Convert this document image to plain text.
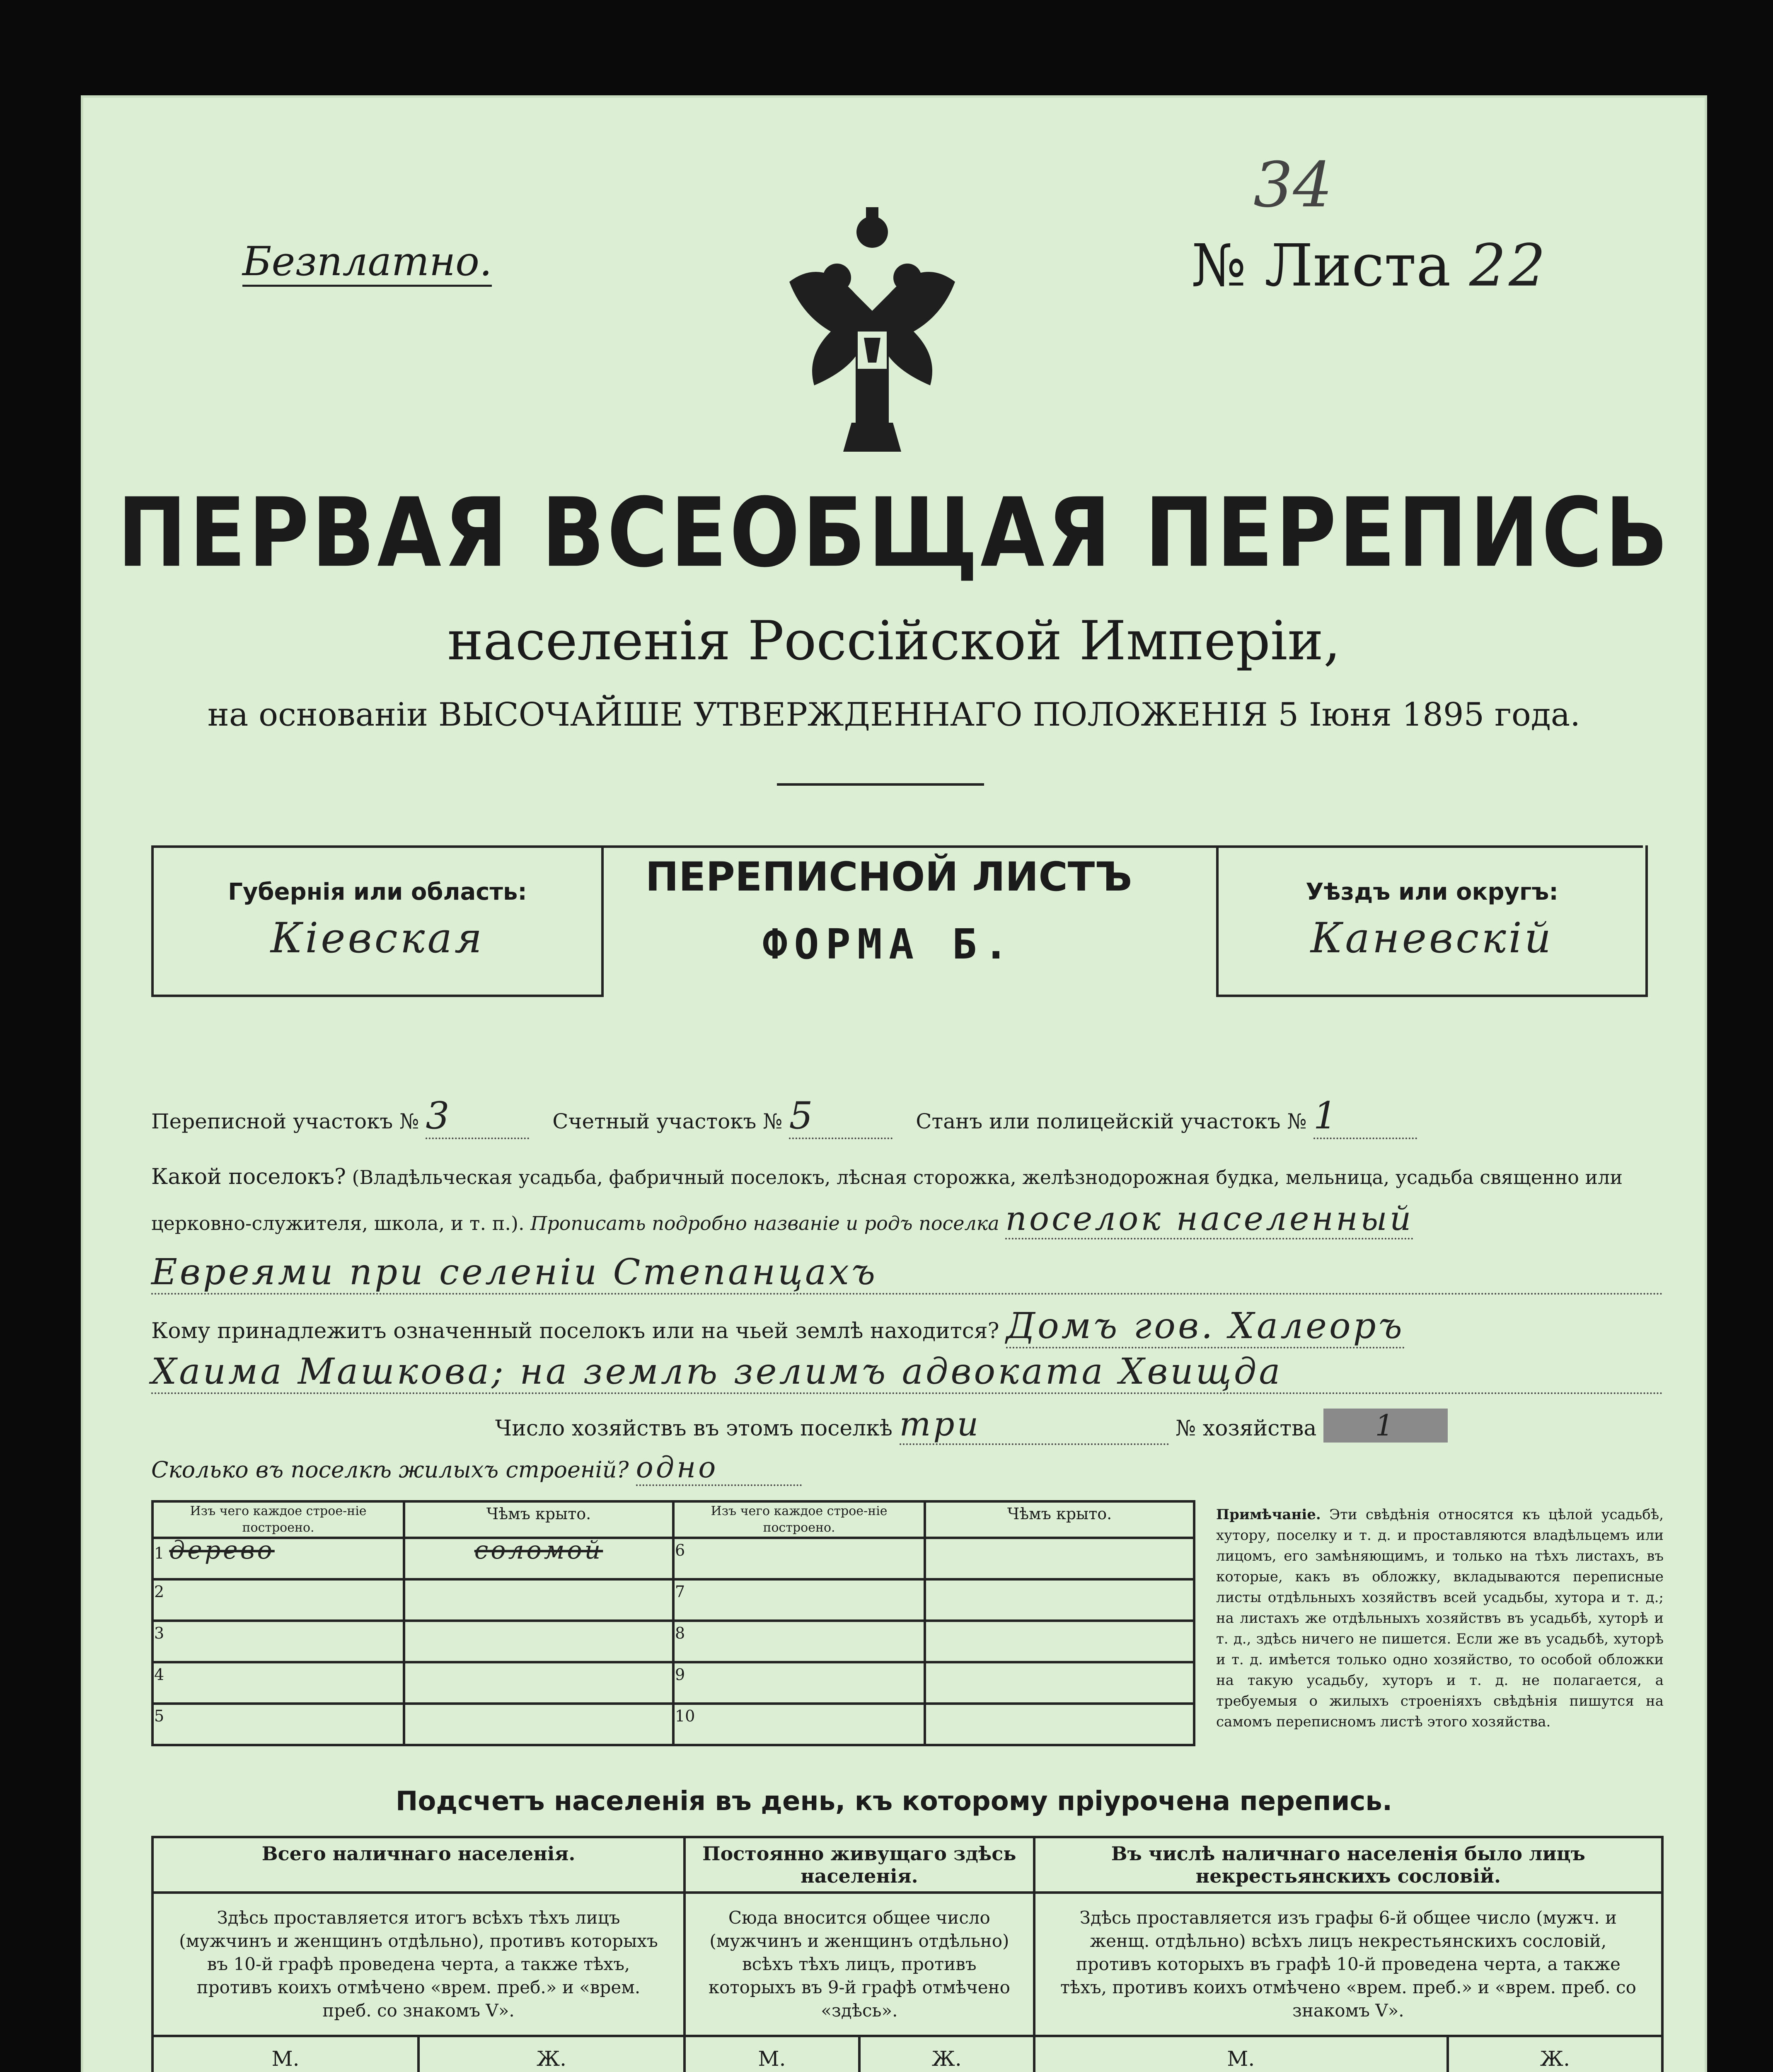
Безплатно.
34
№ Листа 22
ПЕРВАЯ ВСЕОБЩАЯ ПЕРЕПИСЬ
населенія Россійской Имперіи,
на основаніи ВЫСОЧАЙШЕ УТВЕРЖДЕННАГО ПОЛОЖЕНІЯ 5 Іюня 1895 года.
Губернія или область:
Кіевская
ПЕРЕПИСНОЙ ЛИСТЪ
ФОРМА Б.
Уѣздъ или округъ:
Каневскій
Переписной участокъ № 3	Счетный участокъ № 5	Станъ или полицейскій участокъ № 1
Какой поселокъ? (Владѣльческая усадьба, фабричный поселокъ, лѣсная сторожка, желѣзнодорожная будка, мельница, усадьба священно или церковно-служителя, школа, и т. п.). Прописать подробно названіе и родъ поселка поселок населенный
Евреями при селеніи Степанцахъ
Кому принадлежитъ означенный поселокъ или на чьей землѣ находится? Домъ гов. Халеоръ
Хаима Машкова; на землѣ зелимъ адвоката Хвищда
Число хозяйствъ въ этомъ поселкѣ три	№ хозяйства 1
Сколько въ поселкѣ жилыхъ строеній? одно
Изъ чего каждое строе-ніе построено.	Чѣмъ крыто.	Изъ чего каждое строе-ніе построено.	Чѣмъ крыто.
1 дерево	соломой	6	
2		7	
3		8	
4		9	
5		10	
Примѣчаніе. Эти свѣдѣнія относятся къ цѣлой усадьбѣ, хутору, поселку и т. д. и проставляются владѣльцемъ или лицомъ, его замѣняющимъ, и только на тѣхъ листахъ, въ которые, какъ въ обложку, вкладываются переписные листы отдѣльныхъ хозяйствъ всей усадьбы, хутора и т. д.; на листахъ же отдѣльныхъ хозяйствъ въ усадьбѣ, хуторѣ и т. д., здѣсь ничего не пишется. Если же въ усадьбѣ, хуторѣ и т. д. имѣется только одно хозяйство, то особой обложки на такую усадьбу, хуторъ и т. д. не полагается, а требуемыя о жилыхъ строеніяхъ свѣдѣнія пишутся на самомъ переписномъ листѣ этого хозяйства.
Подсчетъ населенія въ день, къ которому пріурочена перепись.
Всего наличнаго населенія.		Постоянно живущаго здѣсь населенія.		Въ числѣ наличнаго населенія было лицъ некрестьянскихъ сословій.	
Здѣсь проставляется итогъ всѣхъ тѣхъ лицъ (мужчинъ и женщинъ отдѣльно), противъ которыхъ въ 10-й графѣ проведена черта, а также тѣхъ, противъ коихъ отмѣчено «врем. преб.» и «врем. преб. со знакомъ V».		Сюда вносится общее число (мужчинъ и женщинъ отдѣльно) всѣхъ тѣхъ лицъ, противъ которыхъ въ 9-й графѣ отмѣчено «здѣсь».		Здѣсь проставляется изъ графы 6-й общее число (мужч. и женщ. отдѣльно) всѣхъ лицъ некрестьянскихъ сословій, противъ которыхъ въ графѣ 10-й проведена черта, а также тѣхъ, противъ коихъ отмѣчено «врем. преб.» и «врем. преб. со знакомъ V».	
М.	Ж.	М.	Ж.	М.	Ж.
